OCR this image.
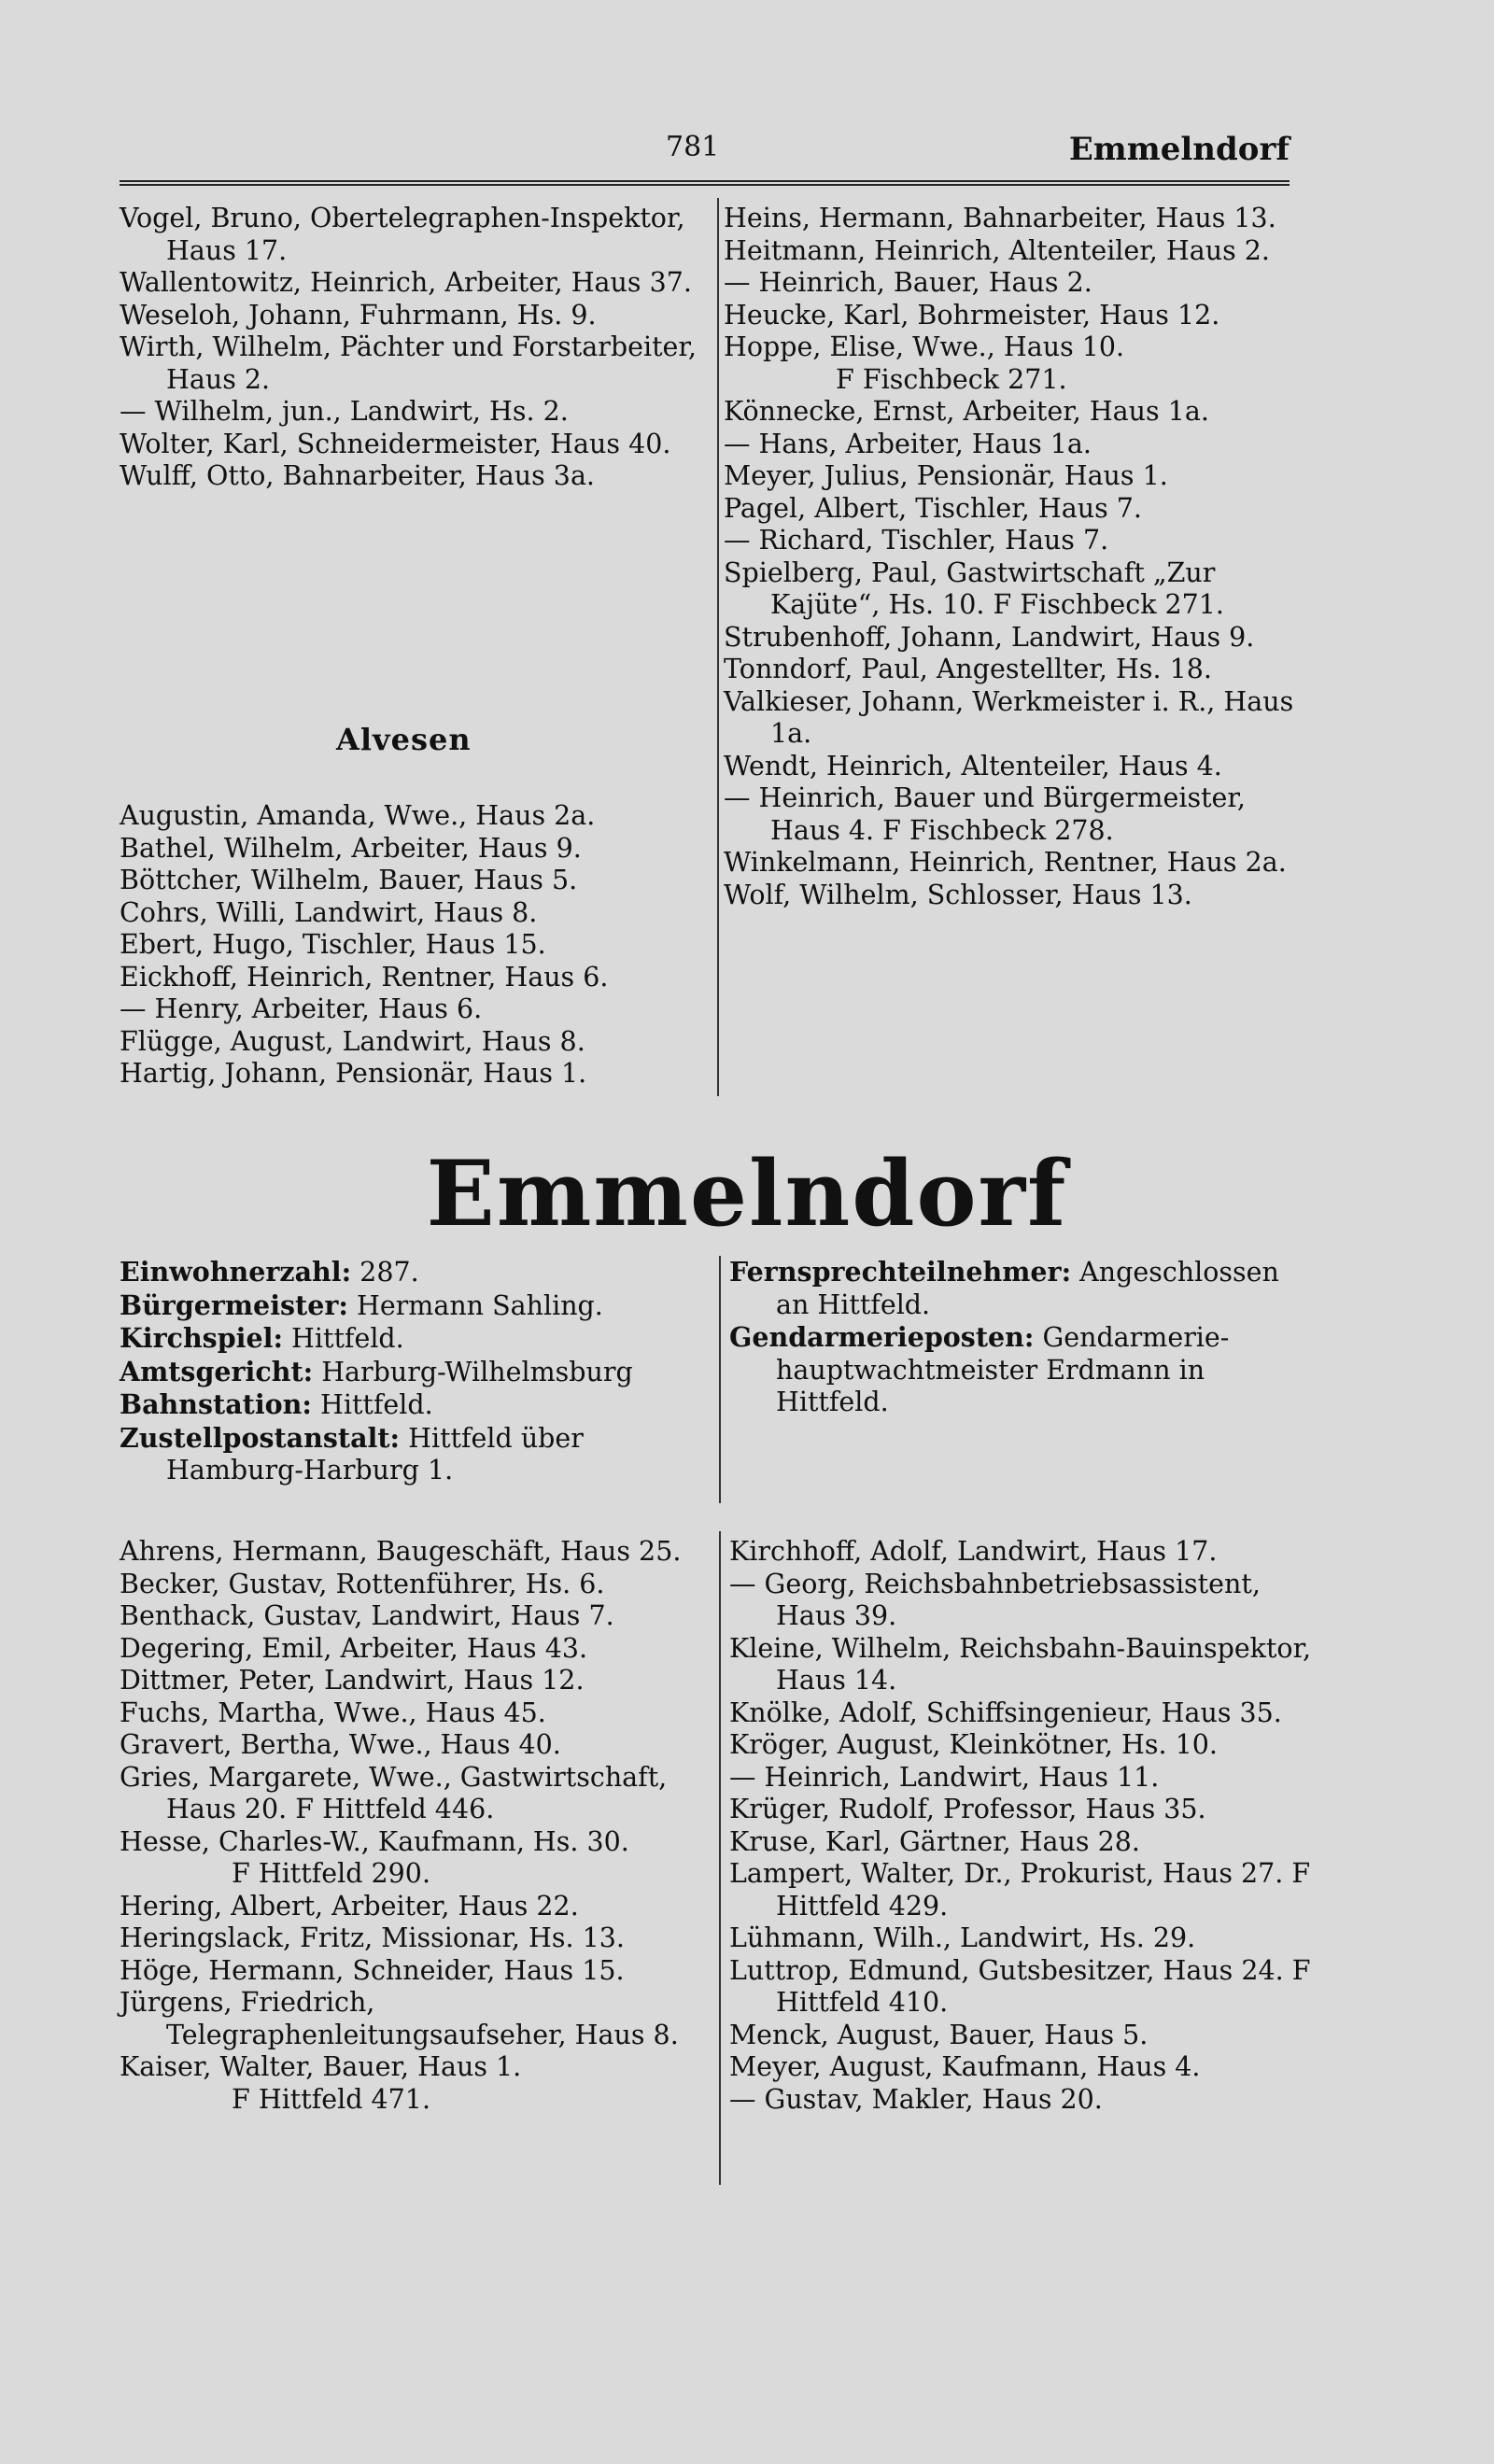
781	Emmelndorf

Vogel, Bruno, Obertelegraphen-Inspektor, Haus 17.

Wallentowitz, Heinrich, Arbeiter, Haus 37.

Weseloh, Johann, Fuhrmann, Hs. 9.

Wirth, Wilhelm, Pächter und Forstarbeiter, Haus 2.

— Wilhelm, jun., Landwirt, Hs. 2.

Wolter, Karl, Schneidermeister, Haus 40.

Wulff, Otto, Bahnarbeiter, Haus 3a.

Alvesen

Augustin, Amanda, Wwe., Haus 2a.

Bathel, Wilhelm, Arbeiter, Haus 9.

Böttcher, Wilhelm, Bauer, Haus 5.

Cohrs, Willi, Landwirt, Haus 8.

Ebert, Hugo, Tischler, Haus 15.

Eickhoff, Heinrich, Rentner, Haus 6.

— Henry, Arbeiter, Haus 6.

Flügge, August, Landwirt, Haus 8.

Hartig, Johann, Pensionär, Haus 1.

Heins, Hermann, Bahnarbeiter, Haus 13.

Heitmann, Heinrich, Altenteiler, Haus 2.

— Heinrich, Bauer, Haus 2.

Heucke, Karl, Bohrmeister, Haus 12.

Hoppe, Elise, Wwe., Haus 10.
F Fischbeck 271.

Könnecke, Ernst, Arbeiter, Haus 1a.

— Hans, Arbeiter, Haus 1a.

Meyer, Julius, Pensionär, Haus 1.

Pagel, Albert, Tischler, Haus 7.

— Richard, Tischler, Haus 7.

Spielberg, Paul, Gastwirtschaft „Zur Kajüte“, Hs. 10. F Fischbeck 271.

Strubenhoff, Johann, Landwirt, Haus 9.

Tonndorf, Paul, Angestellter, Hs. 18.

Valkieser, Johann, Werkmeister i. R., Haus 1a.

Wendt, Heinrich, Altenteiler, Haus 4.

— Heinrich, Bauer und Bürgermeister, Haus 4. F Fischbeck 278.

Winkelmann, Heinrich, Rentner, Haus 2a.

Wolf, Wilhelm, Schlosser, Haus 13.

Emmelndorf

Einwohnerzahl: 287.

Bürgermeister: Hermann Sahling.

Kirchspiel: Hittfeld.

Amtsgericht: Harburg-Wilhelmsburg

Bahnstation: Hittfeld.

Zustellpostanstalt: Hittfeld über Hamburg-Harburg 1.

Fernsprechteilnehmer: Angeschlossen an Hittfeld.

Gendarmerieposten: Gendarmerie-hauptwachtmeister Erdmann in Hittfeld.

Ahrens, Hermann, Baugeschäft, Haus 25.

Becker, Gustav, Rottenführer, Hs. 6.

Benthack, Gustav, Landwirt, Haus 7.

Degering, Emil, Arbeiter, Haus 43.

Dittmer, Peter, Landwirt, Haus 12.

Fuchs, Martha, Wwe., Haus 45.

Gravert, Bertha, Wwe., Haus 40.

Gries, Margarete, Wwe., Gastwirtschaft, Haus 20. F Hittfeld 446.

Hesse, Charles-W., Kaufmann, Hs. 30.
F Hittfeld 290.

Hering, Albert, Arbeiter, Haus 22.

Heringslack, Fritz, Missionar, Hs. 13.

Höge, Hermann, Schneider, Haus 15.

Jürgens, Friedrich, Telegraphenleitungsaufseher, Haus 8.

Kaiser, Walter, Bauer, Haus 1.
F Hittfeld 471.

Kirchhoff, Adolf, Landwirt, Haus 17.

— Georg, Reichsbahnbetriebsassistent, Haus 39.

Kleine, Wilhelm, Reichsbahn-Bauinspektor, Haus 14.

Knölke, Adolf, Schiffsingenieur, Haus 35.

Kröger, August, Kleinkötner, Hs. 10.

— Heinrich, Landwirt, Haus 11.

Krüger, Rudolf, Professor, Haus 35.

Kruse, Karl, Gärtner, Haus 28.

Lampert, Walter, Dr., Prokurist, Haus 27. F Hittfeld 429.

Lühmann, Wilh., Landwirt, Hs. 29.

Luttrop, Edmund, Gutsbesitzer, Haus 24. F Hittfeld 410.

Menck, August, Bauer, Haus 5.

Meyer, August, Kaufmann, Haus 4.

— Gustav, Makler, Haus 20.
